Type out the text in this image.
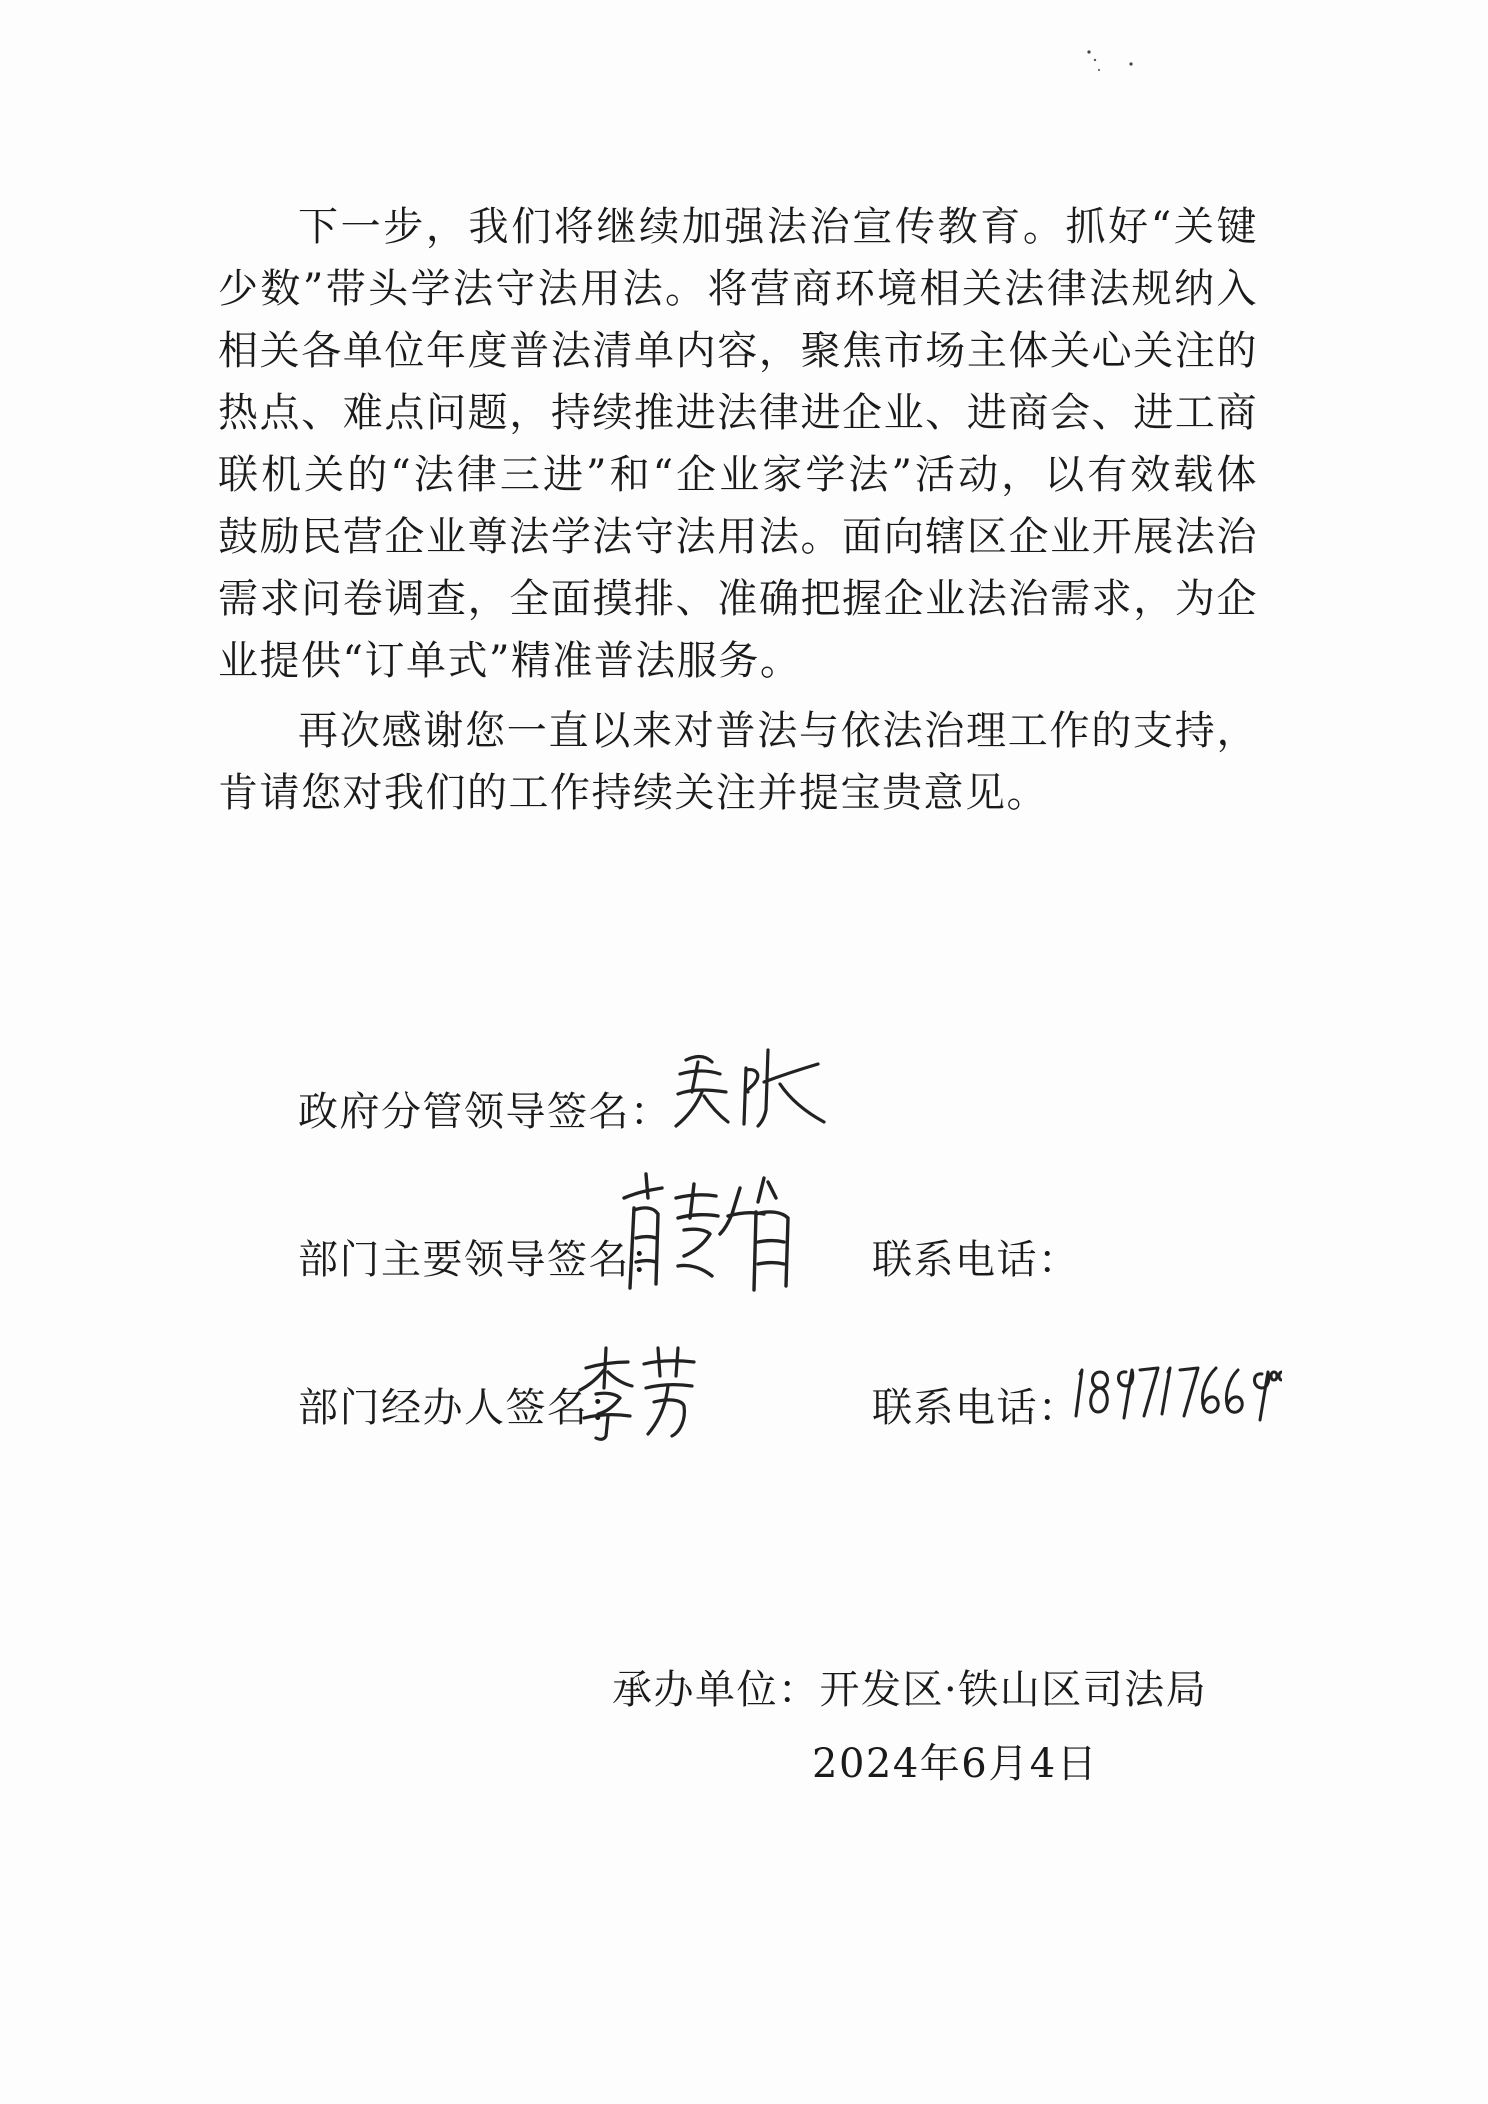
下一步，我们将继续加强法治宣传教育。抓好“关键少数”带头学法守法用法。将营商环境相关法律法规纳入相关各单位年度普法清单内容，聚焦市场主体关心关注的热点、难点问题，持续推进法律进企业、进商会、进工商联机关的“法律三进”和“企业家学法”活动，以有效载体鼓励民营企业尊法学法守法用法。面向辖区企业开展法治需求问卷调查，全面摸排、准确把握企业法治需求，为企业提供“订单式”精准普法服务。

再次感谢您一直以来对普法与依法治理工作的支持，肯请您对我们的工作持续关注并提宝贵意见。

政府分管领导签名：
部门主要领导签名：	联系电话：
部门经办人签名：	联系电话：
承办单位：开发区·铁山区司法局
2024年6月4日
